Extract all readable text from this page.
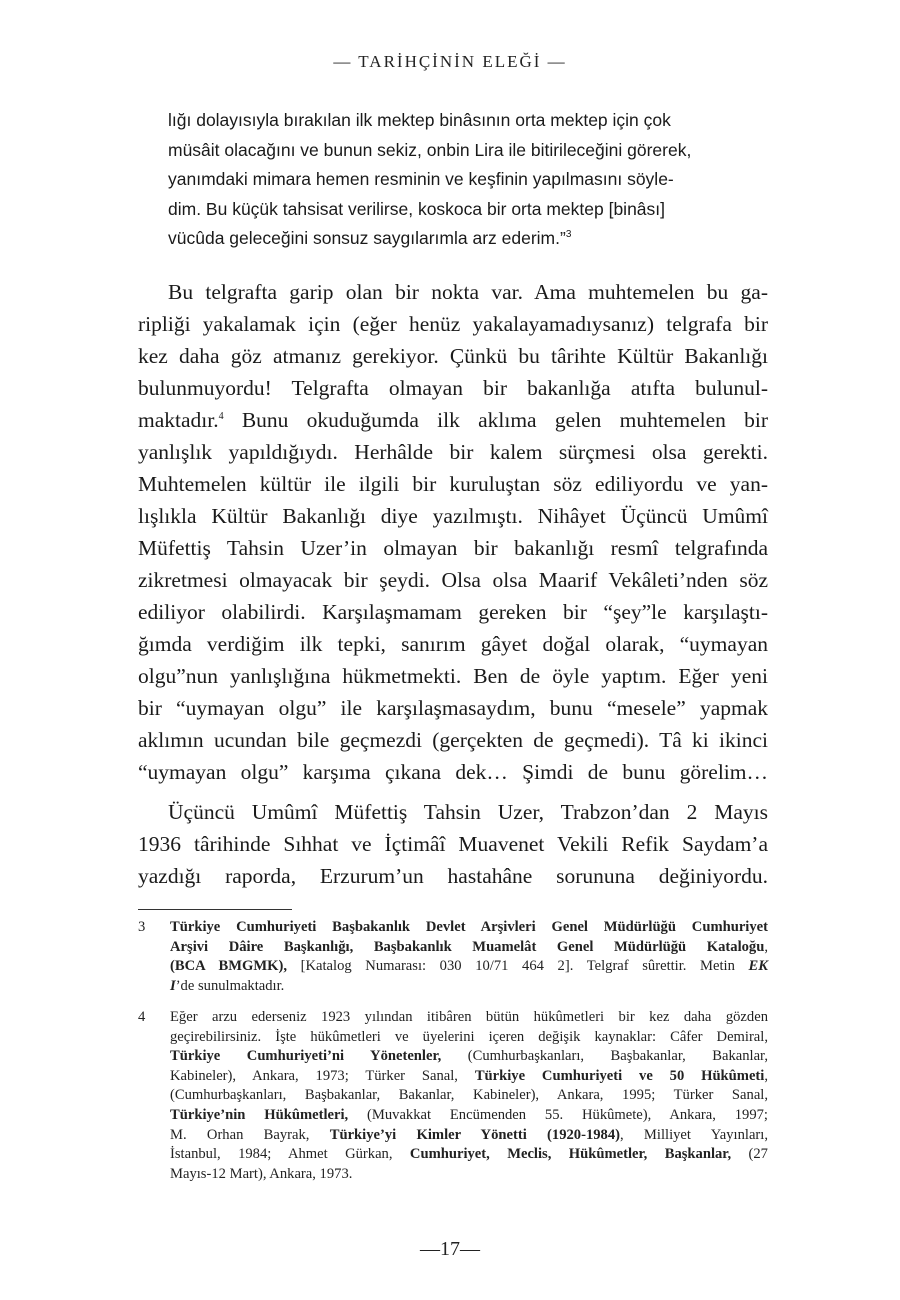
— TARİHÇİNİN ELEĞİ —
lığı dolayısıyla bırakılan ilk mektep binâsının orta mektep için çok
müsâit olacağını ve bunun sekiz, onbin Lira ile bitirileceğini görerek,
yanımdaki mimara hemen resminin ve keşfinin yapılmasını söyle-
dim. Bu küçük tahsisat verilirse, koskoca bir orta mektep [binâsı]
vücûda geleceğini sonsuz saygılarımla arz ederim.”$^3$
Bu telgrafta garip olan bir nokta var. Ama muhtemelen bu ga-
ripliği yakalamak için (eğer henüz yakalayamadıysanız) telgrafa bir
kez daha göz atmanız gerekiyor. Çünkü bu târihte Kültür Bakanlığı
bulunmuyordu! Telgrafta olmayan bir bakanlığa atıfta bulunul-
maktadır.$^4$ Bunu okuduğumda ilk aklıma gelen muhtemelen bir
yanlışlık yapıldığıydı. Herhâlde bir kalem sürçmesi olsa gerekti.
Muhtemelen kültür ile ilgili bir kuruluştan söz ediliyordu ve yan-
lışlıkla Kültür Bakanlığı diye yazılmıştı. Nihâyet Üçüncü Umûmî
Müfettiş Tahsin Uzer’in olmayan bir bakanlığı resmî telgrafında
zikretmesi olmayacak bir şeydi. Olsa olsa Maarif Vekâleti’nden söz
ediliyor olabilirdi. Karşılaşmamam gereken bir “şey”le karşılaştı-
ğımda verdiğim ilk tepki, sanırım gâyet doğal olarak, “uymayan
olgu”nun yanlışlığına hükmetmekti. Ben de öyle yaptım. Eğer yeni
bir “uymayan olgu” ile karşılaşmasaydım, bunu “mesele” yapmak
aklımın ucundan bile geçmezdi (gerçekten de geçmedi). Tâ ki ikinci
“uymayan olgu” karşıma çıkana dek… Şimdi de bunu görelim…
Üçüncü Umûmî Müfettiş Tahsin Uzer, Trabzon’dan 2 Mayıs
1936 târihinde Sıhhat ve İçtimâî Muavenet Vekili Refik Saydam’a
yazdığı raporda, Erzurum’un hastahâne sorununa değiniyordu.
3 Türkiye Cumhuriyeti Başbakanlık Devlet Arşivleri Genel Müdürlüğü Cumhuriyet
Arşivi Dâire Başkanlığı, Başbakanlık Muamelât Genel Müdürlüğü Kataloğu,
(BCA BMGMK), [Katalog Numarası: 030 10/71 464 2]. Telgraf sûrettir. Metin EK
I’de sunulmaktadır.
4 Eğer arzu ederseniz 1923 yılından itibâren bütün hükûmetleri bir kez daha gözden
geçirebilirsiniz. İşte hükûmetleri ve üyelerini içeren değişik kaynaklar: Câfer Demiral,
Türkiye Cumhuriyeti’ni Yönetenler, (Cumhurbaşkanları, Başbakanlar, Bakanlar,
Kabineler), Ankara, 1973; Türker Sanal, Türkiye Cumhuriyeti ve 50 Hükûmeti,
(Cumhurbaşkanları, Başbakanlar, Bakanlar, Kabineler), Ankara, 1995; Türker Sanal,
Türkiye’nin Hükûmetleri, (Muvakkat Encümenden 55. Hükûmete), Ankara, 1997;
M. Orhan Bayrak, Türkiye’yi Kimler Yönetti (1920-1984), Milliyet Yayınları,
İstanbul, 1984; Ahmet Gürkan, Cumhuriyet, Meclis, Hükûmetler, Başkanlar, (27
Mayıs-12 Mart), Ankara, 1973.
—17—
